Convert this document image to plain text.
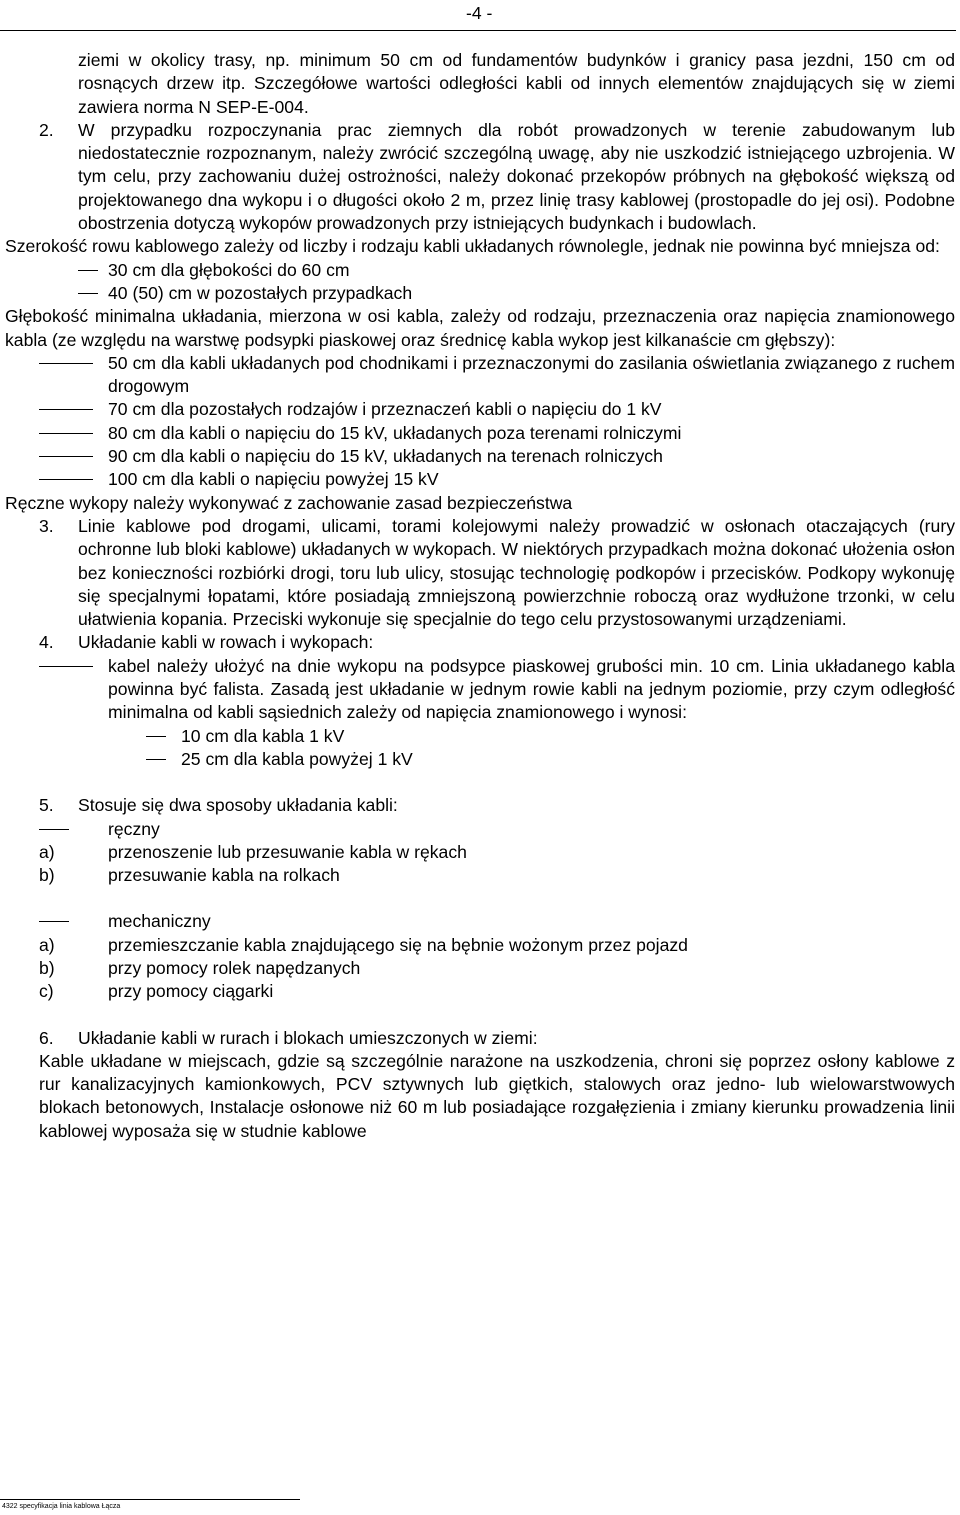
-4 -
ziemi w okolicy trasy, np. minimum 50 cm od fundamentów budynków i granicy pasa jezdni, 150 cm od rosnących drzew itp. Szczegółowe wartości odległości kabli od innych elementów znajdujących się w ziemi zawiera norma N SEP-E-004.
2. W przypadku rozpoczynania prac ziemnych dla robót prowadzonych w terenie zabudowanym lub niedostatecznie rozpoznanym, należy zwrócić szczególną uwagę, aby nie uszkodzić istniejącego uzbrojenia. W tym celu, przy zachowaniu dużej ostrożności, należy dokonać przekopów próbnych na głębokość większą od projektowanego dna wykopu i o długości około 2 m, przez linię trasy kablowej (prostopadle do jej osi). Podobne obostrzenia dotyczą wykopów prowadzonych przy istniejących budynkach i budowlach.
Szerokość rowu kablowego zależy od liczby i rodzaju kabli układanych równolegle, jednak nie powinna być mniejsza od:
30 cm dla głębokości do 60 cm
40 (50) cm w pozostałych przypadkach
Głębokość minimalna układania, mierzona w osi kabla, zależy od rodzaju, przeznaczenia oraz napięcia znamionowego kabla (ze względu na warstwę podsypki piaskowej oraz średnicę kabla wykop jest kilkanaście cm głębszy):
50 cm dla kabli układanych pod chodnikami i przeznaczonymi do zasilania oświetlania związanego z ruchem drogowym
70 cm dla pozostałych rodzajów i przeznaczeń kabli o napięciu do 1 kV
80 cm dla kabli o napięciu do 15 kV, układanych poza terenami rolniczymi
90 cm dla kabli o napięciu do 15 kV, układanych na terenach rolniczych
100 cm dla kabli o napięciu powyżej 15 kV
Ręczne wykopy należy wykonywać z zachowanie zasad bezpieczeństwa
3. Linie kablowe pod drogami, ulicami, torami kolejowymi należy prowadzić w osłonach otaczających (rury ochronne lub bloki kablowe) układanych w wykopach. W niektórych przypadkach można dokonać ułożenia osłon bez konieczności rozbiórki drogi, toru lub ulicy, stosując technologię podkopów i przecisków. Podkopy wykonuję się specjalnymi łopatami, które posiadają zmniejszoną powierzchnie roboczą oraz wydłużone trzonki, w celu ułatwienia kopania. Przeciski wykonuje się specjalnie do tego celu przystosowanymi urządzeniami.
4. Układanie kabli w rowach i wykopach:
kabel należy ułożyć na dnie wykopu na podsypce piaskowej grubości min. 10 cm. Linia układanego kabla powinna być falista. Zasadą jest układanie w jednym rowie kabli na jednym poziomie, przy czym odległość minimalna od kabli sąsiednich zależy od napięcia znamionowego i wynosi:
10 cm dla kabla 1 kV
25 cm dla kabla powyżej 1 kV
5. Stosuje się dwa sposoby układania kabli:
ręczny
a)	przenoszenie lub przesuwanie kabla w rękach
b)	przesuwanie kabla na rolkach
mechaniczny
a)	przemieszczanie kabla znajdującego się na bębnie wożonym przez pojazd
b)	przy pomocy rolek napędzanych
c)	przy pomocy ciągarki
6. Układanie kabli w rurach i blokach umieszczonych w ziemi:
Kable układane w miejscach, gdzie są szczególnie narażone na uszkodzenia, chroni się poprzez osłony kablowe z rur kanalizacyjnych kamionkowych, PCV sztywnych lub giętkich, stalowych oraz jedno- lub wielowarstwowych blokach betonowych, Instalacje osłonowe niż 60 m lub posiadające rozgałęzienia i zmiany kierunku prowadzenia linii kablowej wyposaża się w studnie kablowe
4322 specyfikacja linia kablowa Łącza
